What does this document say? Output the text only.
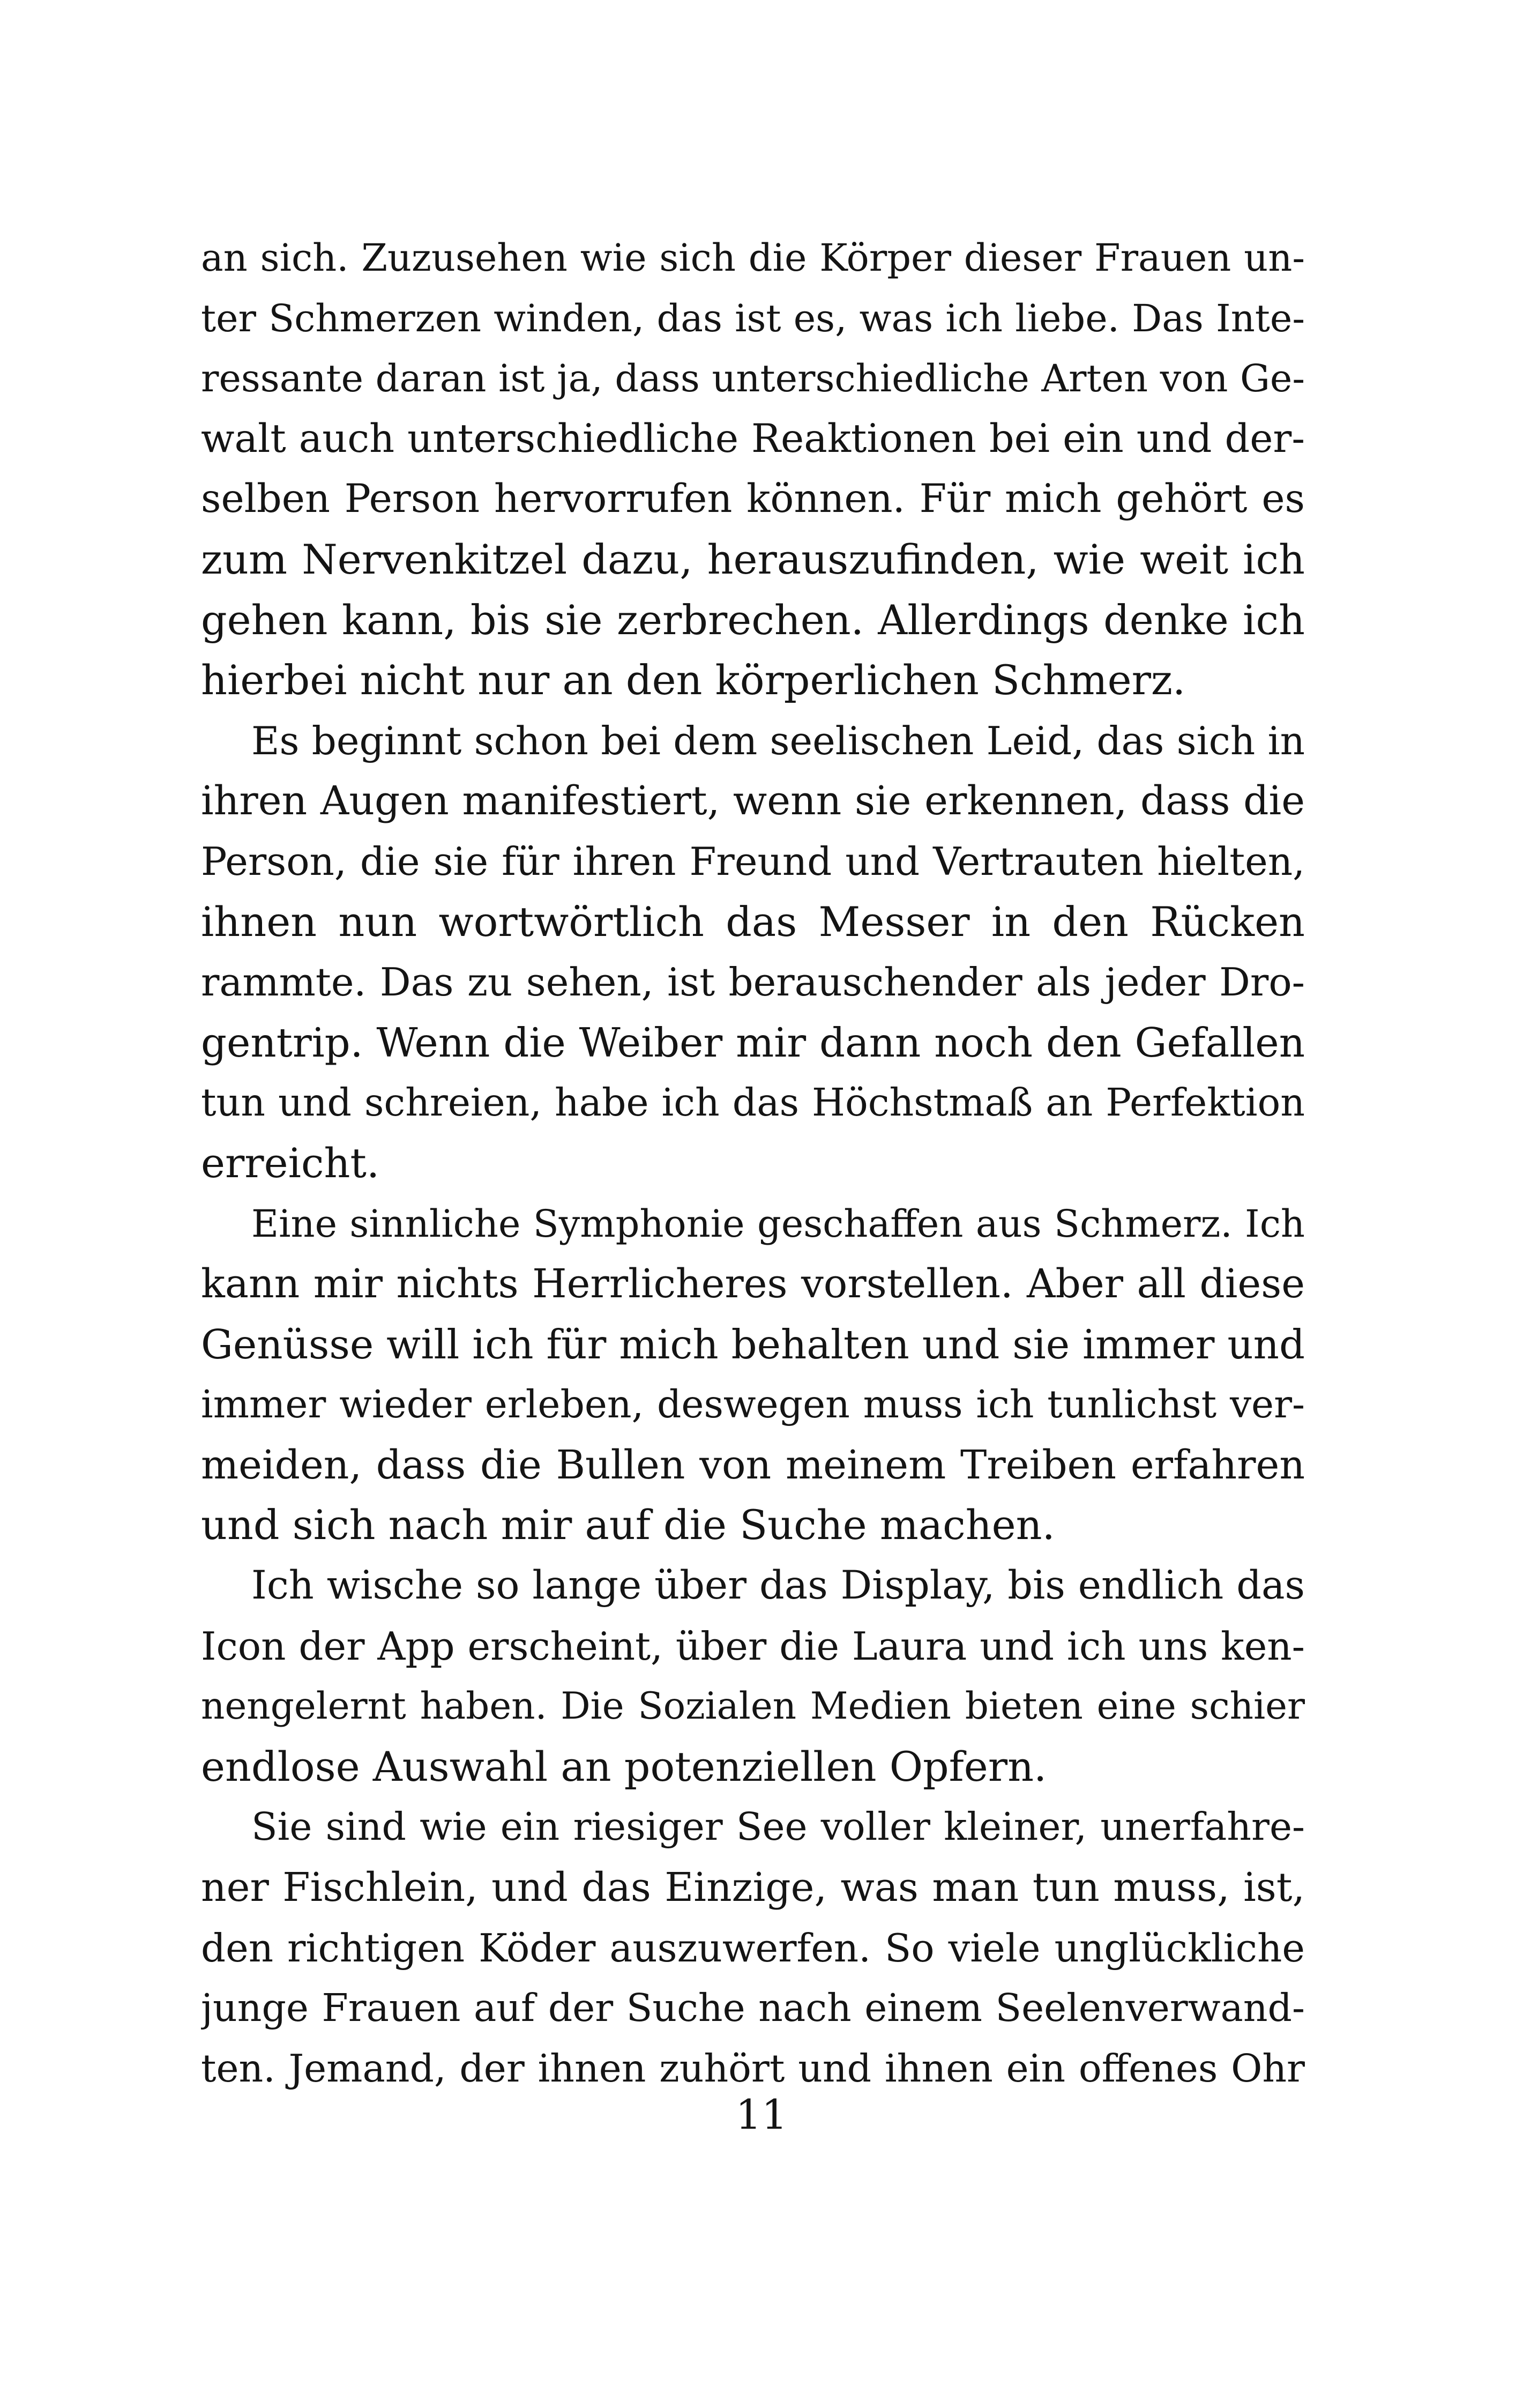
an sich. Zuzusehen wie sich die Körper dieser Frauen un-
ter Schmerzen winden, das ist es, was ich liebe. Das Inte-
ressante daran ist ja, dass unterschiedliche Arten von Ge-
walt auch unterschiedliche Reaktionen bei ein und der-
selben Person hervorrufen können. Für mich gehört es
zum Nervenkitzel dazu, herauszufinden, wie weit ich
gehen kann, bis sie zerbrechen. Allerdings denke ich
hierbei nicht nur an den körperlichen Schmerz.
Es beginnt schon bei dem seelischen Leid, das sich in
ihren Augen manifestiert, wenn sie erkennen, dass die
Person, die sie für ihren Freund und Vertrauten hielten,
ihnen nun wortwörtlich das Messer in den Rücken
rammte. Das zu sehen, ist berauschender als jeder Dro-
gentrip. Wenn die Weiber mir dann noch den Gefallen
tun und schreien, habe ich das Höchstmaß an Perfektion
erreicht.
Eine sinnliche Symphonie geschaffen aus Schmerz. Ich
kann mir nichts Herrlicheres vorstellen. Aber all diese
Genüsse will ich für mich behalten und sie immer und
immer wieder erleben, deswegen muss ich tunlichst ver-
meiden, dass die Bullen von meinem Treiben erfahren
und sich nach mir auf die Suche machen.
Ich wische so lange über das Display, bis endlich das
Icon der App erscheint, über die Laura und ich uns ken-
nengelernt haben. Die Sozialen Medien bieten eine schier
endlose Auswahl an potenziellen Opfern.
Sie sind wie ein riesiger See voller kleiner, unerfahre-
ner Fischlein, und das Einzige, was man tun muss, ist,
den richtigen Köder auszuwerfen. So viele unglückliche
junge Frauen auf der Suche nach einem Seelenverwand-
ten. Jemand, der ihnen zuhört und ihnen ein offenes Ohr
11
